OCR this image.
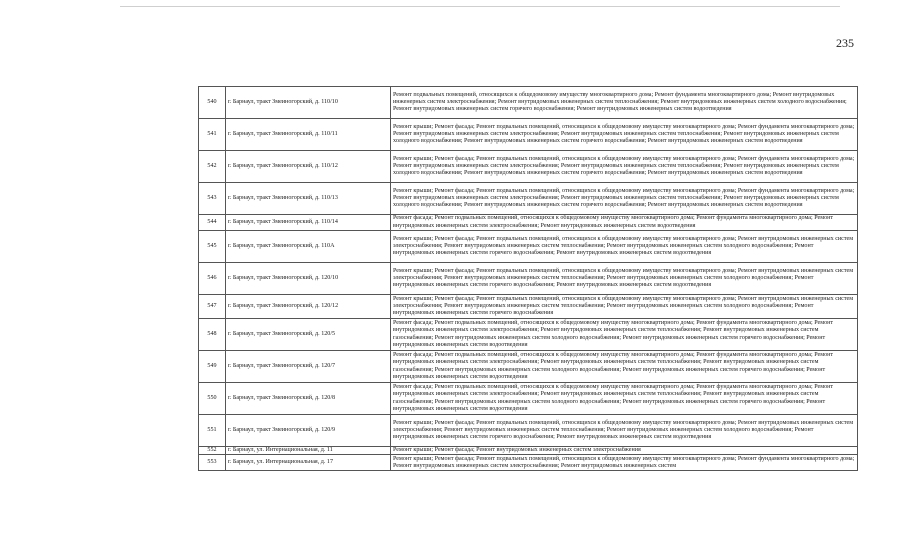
235
540	г. Барнаул, тракт Змеиногорский, д. 110/10	Ремонт подвальных помещений, относящихся к общедомовому имуществу многоквартирного дома; Ремонт фундамента многоквартирного дома; Ремонт внутридомовых инженерных систем электроснабжения; Ремонт внутридомовых инженерных систем теплоснабжения; Ремонт внутридомовых инженерных систем холодного водоснабжения; Ремонт внутридомовых инженерных систем горячего водоснабжения; Ремонт внутридомовых инженерных систем водоотведения
541	г. Барнаул, тракт Змеиногорский, д. 110/11	Ремонт крыши; Ремонт фасада; Ремонт подвальных помещений, относящихся к общедомовому имуществу многоквартирного дома; Ремонт фундамента многоквартирного дома; Ремонт внутридомовых инженерных систем электроснабжения; Ремонт внутридомовых инженерных систем теплоснабжения; Ремонт внутридомовых инженерных систем холодного водоснабжения; Ремонт внутридомовых инженерных систем горячего водоснабжения; Ремонт внутридомовых инженерных систем водоотведения
542	г. Барнаул, тракт Змеиногорский, д. 110/12	Ремонт крыши; Ремонт фасада; Ремонт подвальных помещений, относящихся к общедомовому имуществу многоквартирного дома; Ремонт фундамента многоквартирного дома; Ремонт внутридомовых инженерных систем электроснабжения; Ремонт внутридомовых инженерных систем теплоснабжения; Ремонт внутридомовых инженерных систем холодного водоснабжения; Ремонт внутридомовых инженерных систем горячего водоснабжения; Ремонт внутридомовых инженерных систем водоотведения
543	г. Барнаул, тракт Змеиногорский, д. 110/13	Ремонт крыши; Ремонт фасада; Ремонт подвальных помещений, относящихся к общедомовому имуществу многоквартирного дома; Ремонт фундамента многоквартирного дома; Ремонт внутридомовых инженерных систем электроснабжения; Ремонт внутридомовых инженерных систем теплоснабжения; Ремонт внутридомовых инженерных систем холодного водоснабжения; Ремонт внутридомовых инженерных систем горячего водоснабжения; Ремонт внутридомовых инженерных систем водоотведения
544	г. Барнаул, тракт Змеиногорский, д. 110/14	Ремонт фасада; Ремонт подвальных помещений, относящихся к общедомовому имуществу многоквартирного дома; Ремонт фундамента многоквартирного дома; Ремонт внутридомовых инженерных систем электроснабжения; Ремонт внутридомовых инженерных систем водоотведения
545	г. Барнаул, тракт Змеиногорский, д. 110А	Ремонт крыши; Ремонт фасада; Ремонт подвальных помещений, относящихся к общедомовому имуществу многоквартирного дома; Ремонт внутридомовых инженерных систем электроснабжения; Ремонт внутридомовых инженерных систем теплоснабжения; Ремонт внутридомовых инженерных систем холодного водоснабжения; Ремонт внутридомовых инженерных систем горячего водоснабжения; Ремонт внутридомовых инженерных систем водоотведения
546	г. Барнаул, тракт Змеиногорский, д. 120/10	Ремонт крыши; Ремонт фасада; Ремонт подвальных помещений, относящихся к общедомовому имуществу многоквартирного дома; Ремонт внутридомовых инженерных систем электроснабжения; Ремонт внутридомовых инженерных систем теплоснабжения; Ремонт внутридомовых инженерных систем холодного водоснабжения; Ремонт внутридомовых инженерных систем горячего водоснабжения; Ремонт внутридомовых инженерных систем водоотведения
547	г. Барнаул, тракт Змеиногорский, д. 120/12	Ремонт крыши; Ремонт фасада; Ремонт подвальных помещений, относящихся к общедомовому имуществу многоквартирного дома; Ремонт внутридомовых инженерных систем электроснабжения; Ремонт внутридомовых инженерных систем теплоснабжения; Ремонт внутридомовых инженерных систем холодного водоснабжения; Ремонт внутридомовых инженерных систем горячего водоснабжения
548	г. Барнаул, тракт Змеиногорский, д. 120/5	Ремонт фасада; Ремонт подвальных помещений, относящихся к общедомовому имуществу многоквартирного дома; Ремонт фундамента многоквартирного дома; Ремонт внутридомовых инженерных систем электроснабжения; Ремонт внутридомовых инженерных систем теплоснабжения; Ремонт внутридомовых инженерных систем газоснабжения; Ремонт внутридомовых инженерных систем холодного водоснабжения; Ремонт внутридомовых инженерных систем горячего водоснабжения; Ремонт внутридомовых инженерных систем водоотведения
549	г. Барнаул, тракт Змеиногорский, д. 120/7	Ремонт фасада; Ремонт подвальных помещений, относящихся к общедомовому имуществу многоквартирного дома; Ремонт фундамента многоквартирного дома; Ремонт внутридомовых инженерных систем электроснабжения; Ремонт внутридомовых инженерных систем теплоснабжения; Ремонт внутридомовых инженерных систем газоснабжения; Ремонт внутридомовых инженерных систем холодного водоснабжения; Ремонт внутридомовых инженерных систем горячего водоснабжения; Ремонт внутридомовых инженерных систем водоотведения
550	г. Барнаул, тракт Змеиногорский, д. 120/8	Ремонт фасада; Ремонт подвальных помещений, относящихся к общедомовому имуществу многоквартирного дома; Ремонт фундамента многоквартирного дома; Ремонт внутридомовых инженерных систем электроснабжения; Ремонт внутридомовых инженерных систем теплоснабжения; Ремонт внутридомовых инженерных систем газоснабжения; Ремонт внутридомовых инженерных систем холодного водоснабжения; Ремонт внутридомовых инженерных систем горячего водоснабжения; Ремонт внутридомовых инженерных систем водоотведения
551	г. Барнаул, тракт Змеиногорский, д. 120/9	Ремонт крыши; Ремонт фасада; Ремонт подвальных помещений, относящихся к общедомовому имуществу многоквартирного дома; Ремонт внутридомовых инженерных систем электроснабжения; Ремонт внутридомовых инженерных систем теплоснабжения; Ремонт внутридомовых инженерных систем холодного водоснабжения; Ремонт внутридомовых инженерных систем горячего водоснабжения; Ремонт внутридомовых инженерных систем водоотведения
552	г. Барнаул, ул. Интернациональная, д. 11	Ремонт крыши; Ремонт фасада; Ремонт внутридомовых инженерных систем электроснабжения
553	г. Барнаул, ул. Интернациональная, д. 17	Ремонт крыши; Ремонт фасада; Ремонт подвальных помещений, относящихся к общедомовому имуществу многоквартирного дома; Ремонт фундамента многоквартирного дома; Ремонт внутридомовых инженерных систем электроснабжения; Ремонт внутридомовых инженерных систем
